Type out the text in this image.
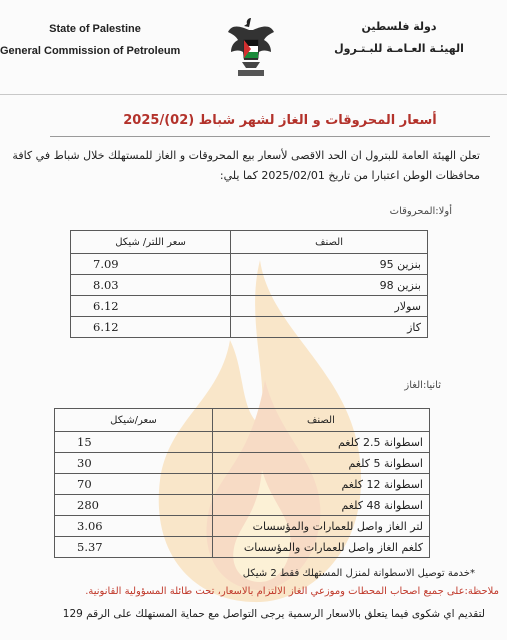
State of Palestine
General Commission of Petroleum
دولة فلسطين
الهيئـة العـامـة للبـتـرول
أسعار المحروقات و الغاز لشهر شباط (02)/2025
تعلن الهيئة العامة للبترول ان الحد الاقصى لأسعار بيع المحروقات و الغاز للمستهلك خلال شباط في كافة محافظات الوطن اعتبارا من تاريخ 2025/02/01 كما يلي:
أولا:المحروقات
الصنف	سعر اللتر/ شيكل
بنزين 95	7.09
بنزين 98	8.03
سولار	6.12
كاز	6.12
ثانيا:الغاز
الصنف	سعر/شيكل
اسطوانة 2.5 كلغم	15
اسطوانة 5 كلغم	30
اسطوانة 12 كلغم	70
اسطوانة 48 كلغم	280
لتر الغاز واصل للعمارات والمؤسسات	3.06
كلغم الغاز واصل للعمارات والمؤسسات	5.37
*خدمة توصيل الاسطوانة لمنزل المستهلك فقط 2 شيكل
ملاحظة:على جميع اصحاب المحطات وموزعي الغاز الالتزام بالاسعار، تحت طائلة المسؤولية القانونية.
لتقديم اي شكوى فيما يتعلق بالاسعار الرسمية يرجى التواصل مع حماية المستهلك على الرقم 129
